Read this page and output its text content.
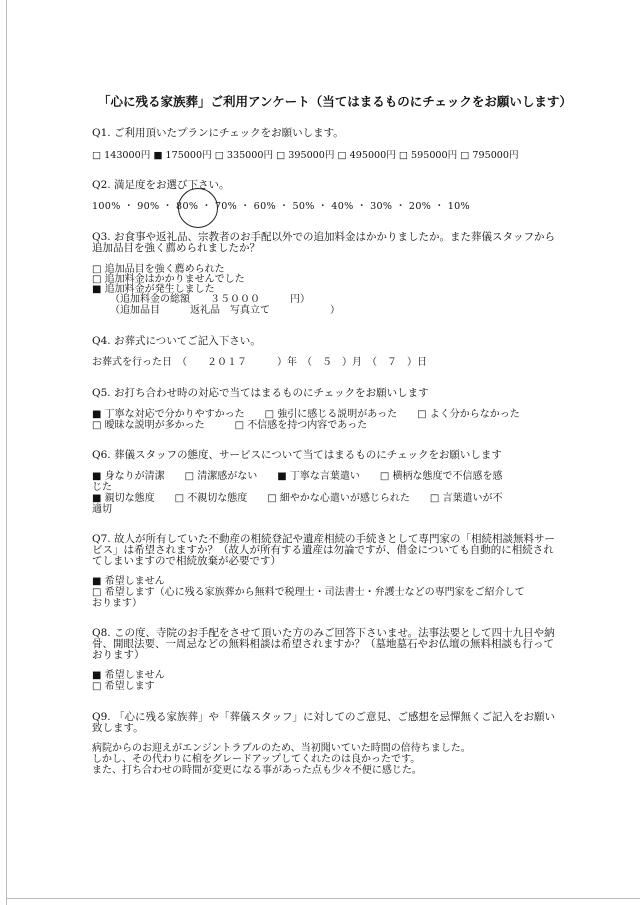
「心に残る家族葬」ご利用アンケート（当てはまるものにチェックをお願いします）
Q1. ご利用頂いたプランにチェックをお願いします。
□ 143000円 ■ 175000円 □ 335000円 □ 395000円 □ 495000円 □ 595000円 □ 795000円
Q2. 満足度をお選び下さい。
100% ・ 90% ・ 80% ・ 70% ・ 60% ・ 50% ・ 40% ・ 30% ・ 20% ・ 10%
Q3. お食事や返礼品、宗教者のお手配以外での追加料金はかかりましたか。また葬儀スタッフから
追加品目を強く薦められましたか？
□ 追加品目を強く薦められた
□ 追加料金はかかりませんでした
■ 追加料金が発生しました
（追加料金の総額　　３５０００　　　円）
（追加品目　　　返礼品　写真立て　　　　　　）
Q4. お葬式についてご記入下さい。
お葬式を行った日　（　　２０１７　　　）年　（　５　）月　（　７　）日
Q5. お打ち合わせ時の対応で当てはまるものにチェックをお願いします
■ 丁寧な対応で分かりやすかった　　□ 強引に感じる説明があった　　□ よく分からなかった
□ 曖昧な説明が多かった　　　□ 不信感を持つ内容であった
Q6. 葬儀スタッフの態度、サービスについて当てはまるものにチェックをお願いします
■ 身なりが清潔　　□ 清潔感がない　　■ 丁寧な言葉遣い　　□ 横柄な態度で不信感を感
じた
■ 親切な態度　　□ 不親切な態度　　□ 細やかな心遣いが感じられた　　□ 言葉遣いが不
適切
Q7. 故人が所有していた不動産の相続登記や遺産相続の手続きとして専門家の「相続相談無料サー
ビス」は希望されますか？（故人が所有する遺産は勿論ですが、借金についても自動的に相続され
てしまいますので相続放棄が必要です）
■ 希望しません
□ 希望します（心に残る家族葬から無料で税理士・司法書士・弁護士などの専門家をご紹介して
おります）
Q8. この度、寺院のお手配をさせて頂いた方のみご回答下さいませ。法事法要として四十九日や納
骨、開眼法要、一周忌などの無料相談は希望されますか？（墓地墓石やお仏壇の無料相談も行って
おります）
■ 希望しません
□ 希望します
Q9. 「心に残る家族葬」や「葬儀スタッフ」に対してのご意見、ご感想を忌憚無くご記入をお願い
致します。
病院からのお迎えがエンジントラブルのため、当初聞いていた時間の倍待ちました。
しかし、その代わりに棺をグレードアップしてくれたのは良かったです。
また、打ち合わせの時間が変更になる事があった点も少々不便に感じた。
